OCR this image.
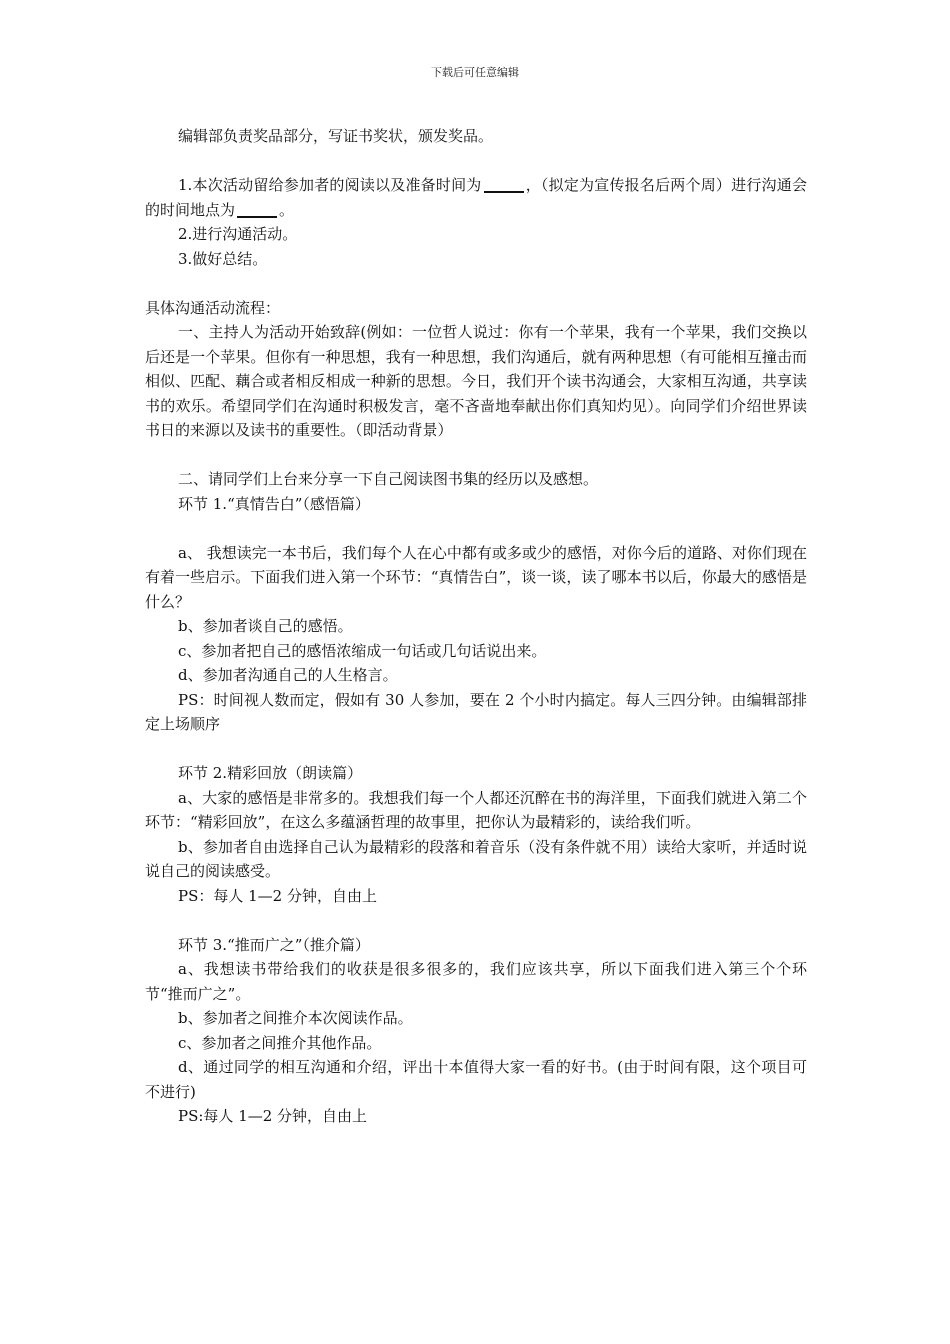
下载后可任意编辑

编辑部负责奖品部分，写证书奖状，颁发奖品。

1.本次活动留给参加者的阅读以及准备时间为	，（拟定为宣传报名后两个周）进行沟通会的时间地点为	。

2.进行沟通活动。

3.做好总结。

具体沟通活动流程：

一、主持人为活动开始致辞(例如：一位哲人说过：你有一个苹果，我有一个苹果，我们交换以后还是一个苹果。但你有一种思想，我有一种思想，我们沟通后，就有两种思想（有可能相互撞击而相似、匹配、藕合或者相反相成一种新的思想。今日，我们开个读书沟通会，大家相互沟通，共享读书的欢乐。希望同学们在沟通时积极发言，毫不吝啬地奉献出你们真知灼见）。向同学们介绍世界读书日的来源以及读书的重要性。（即活动背景）

二、请同学们上台来分享一下自己阅读图书集的经历以及感想。

环节 1.“真情告白”（感悟篇）

a、 我想读完一本书后，我们每个人在心中都有或多或少的感悟，对你今后的道路、对你们现在有着一些启示。下面我们进入第一个环节：“真情告白”，谈一谈，读了哪本书以后，你最大的感悟是什么？

b、参加者谈自己的感悟。

c、参加者把自己的感悟浓缩成一句话或几句话说出来。

d、参加者沟通自己的人生格言。

PS：时间视人数而定，假如有 30 人参加，要在 2 个小时内搞定。每人三四分钟。由编辑部排定上场顺序

环节 2.精彩回放（朗读篇）

a、大家的感悟是非常多的。我想我们每一个人都还沉醉在书的海洋里，下面我们就进入第二个环节：“精彩回放”，在这么多蕴涵哲理的故事里，把你认为最精彩的，读给我们听。

b、参加者自由选择自己认为最精彩的段落和着音乐（没有条件就不用）读给大家听，并适时说说自己的阅读感受。

PS：每人 1—2 分钟，自由上

环节 3.“推而广之”（推介篇）

a、我想读书带给我们的收获是很多很多的，我们应该共享，所以下面我们进入第三个个环节“推而广之”。

b、参加者之间推介本次阅读作品。

c、参加者之间推介其他作品。

d、通过同学的相互沟通和介绍，评出十本值得大家一看的好书。(由于时间有限，这个项目可不进行)

PS:每人 1—2 分钟，自由上
